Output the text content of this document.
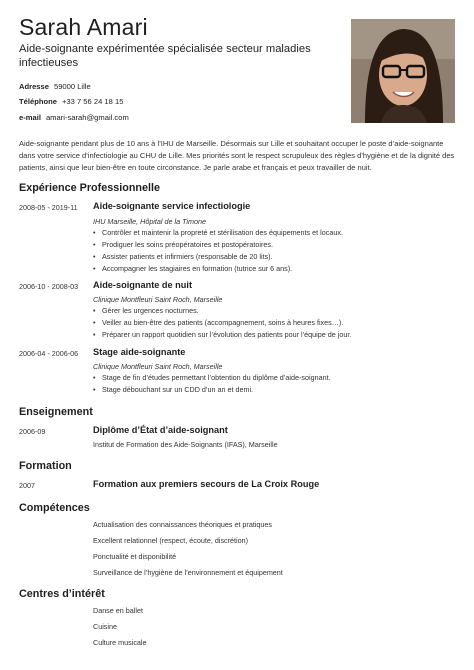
Sarah Amari
Aide-soignante expérimentée spécialisée secteur maladies infectieuses
Adresse 59000 Lille
Téléphone +33 7 56 24 18 15
e-mail amari-sarah@gmail.com
Aide-soignante pendant plus de 10 ans à l’IHU de Marseille. Désormais sur Lille et souhaitant occuper le poste d’aide-soignante dans votre service d’infectiologie au CHU de Lille. Mes priorités sont le respect scrupuleux des règles d’hygiène et de la dignité des patients, ainsi que leur bien-être en toute circonstance. Je parle arabe et français et peux travailler de nuit.
Expérience Professionnelle
2008-05 - 2019-11 Aide-soignante service infectiologie
IHU Marseille, Hôpital de la Timone
• Contrôler et maintenir la propreté et stérilisation des équipements et locaux.
• Prodiguer les soins préopératoires et postopératoires.
• Assister patients et infirmiers (responsable de 20 lits).
• Accompagner les stagiaires en formation (tutrice sur 6 ans).
2006-10 - 2008-03 Aide-soignante de nuit
Clinique Montfleuri Saint Roch, Marseille
• Gérer les urgences nocturnes.
• Veiller au bien-être des patients (accompagnement, soins à heures fixes…).
• Préparer un rapport quotidien sur l’évolution des patients pour l’équipe de jour.
2006-04 - 2006-06 Stage aide-soignante
Clinique Montfleuri Saint Roch, Marseille
• Stage de fin d’études permettant l’obtention du diplôme d’aide-soignant.
• Stage débouchant sur un CDD d’un an et demi.
Enseignement
2006-09	Diplôme d’État d’aide-soignant
Institut de Formation des Aide-Soignants (IFAS), Marseille
Formation
2007	Formation aux premiers secours de La Croix Rouge
Compétences
Actualisation des connaissances théoriques et pratiques
Excellent relationnel (respect, écoute, discrétion)
Ponctualité et disponibilité
Surveillance de l’hygiène de l’environnement et équipement
Centres d’intérêt
Danse en ballet
Cuisine
Culture musicale
